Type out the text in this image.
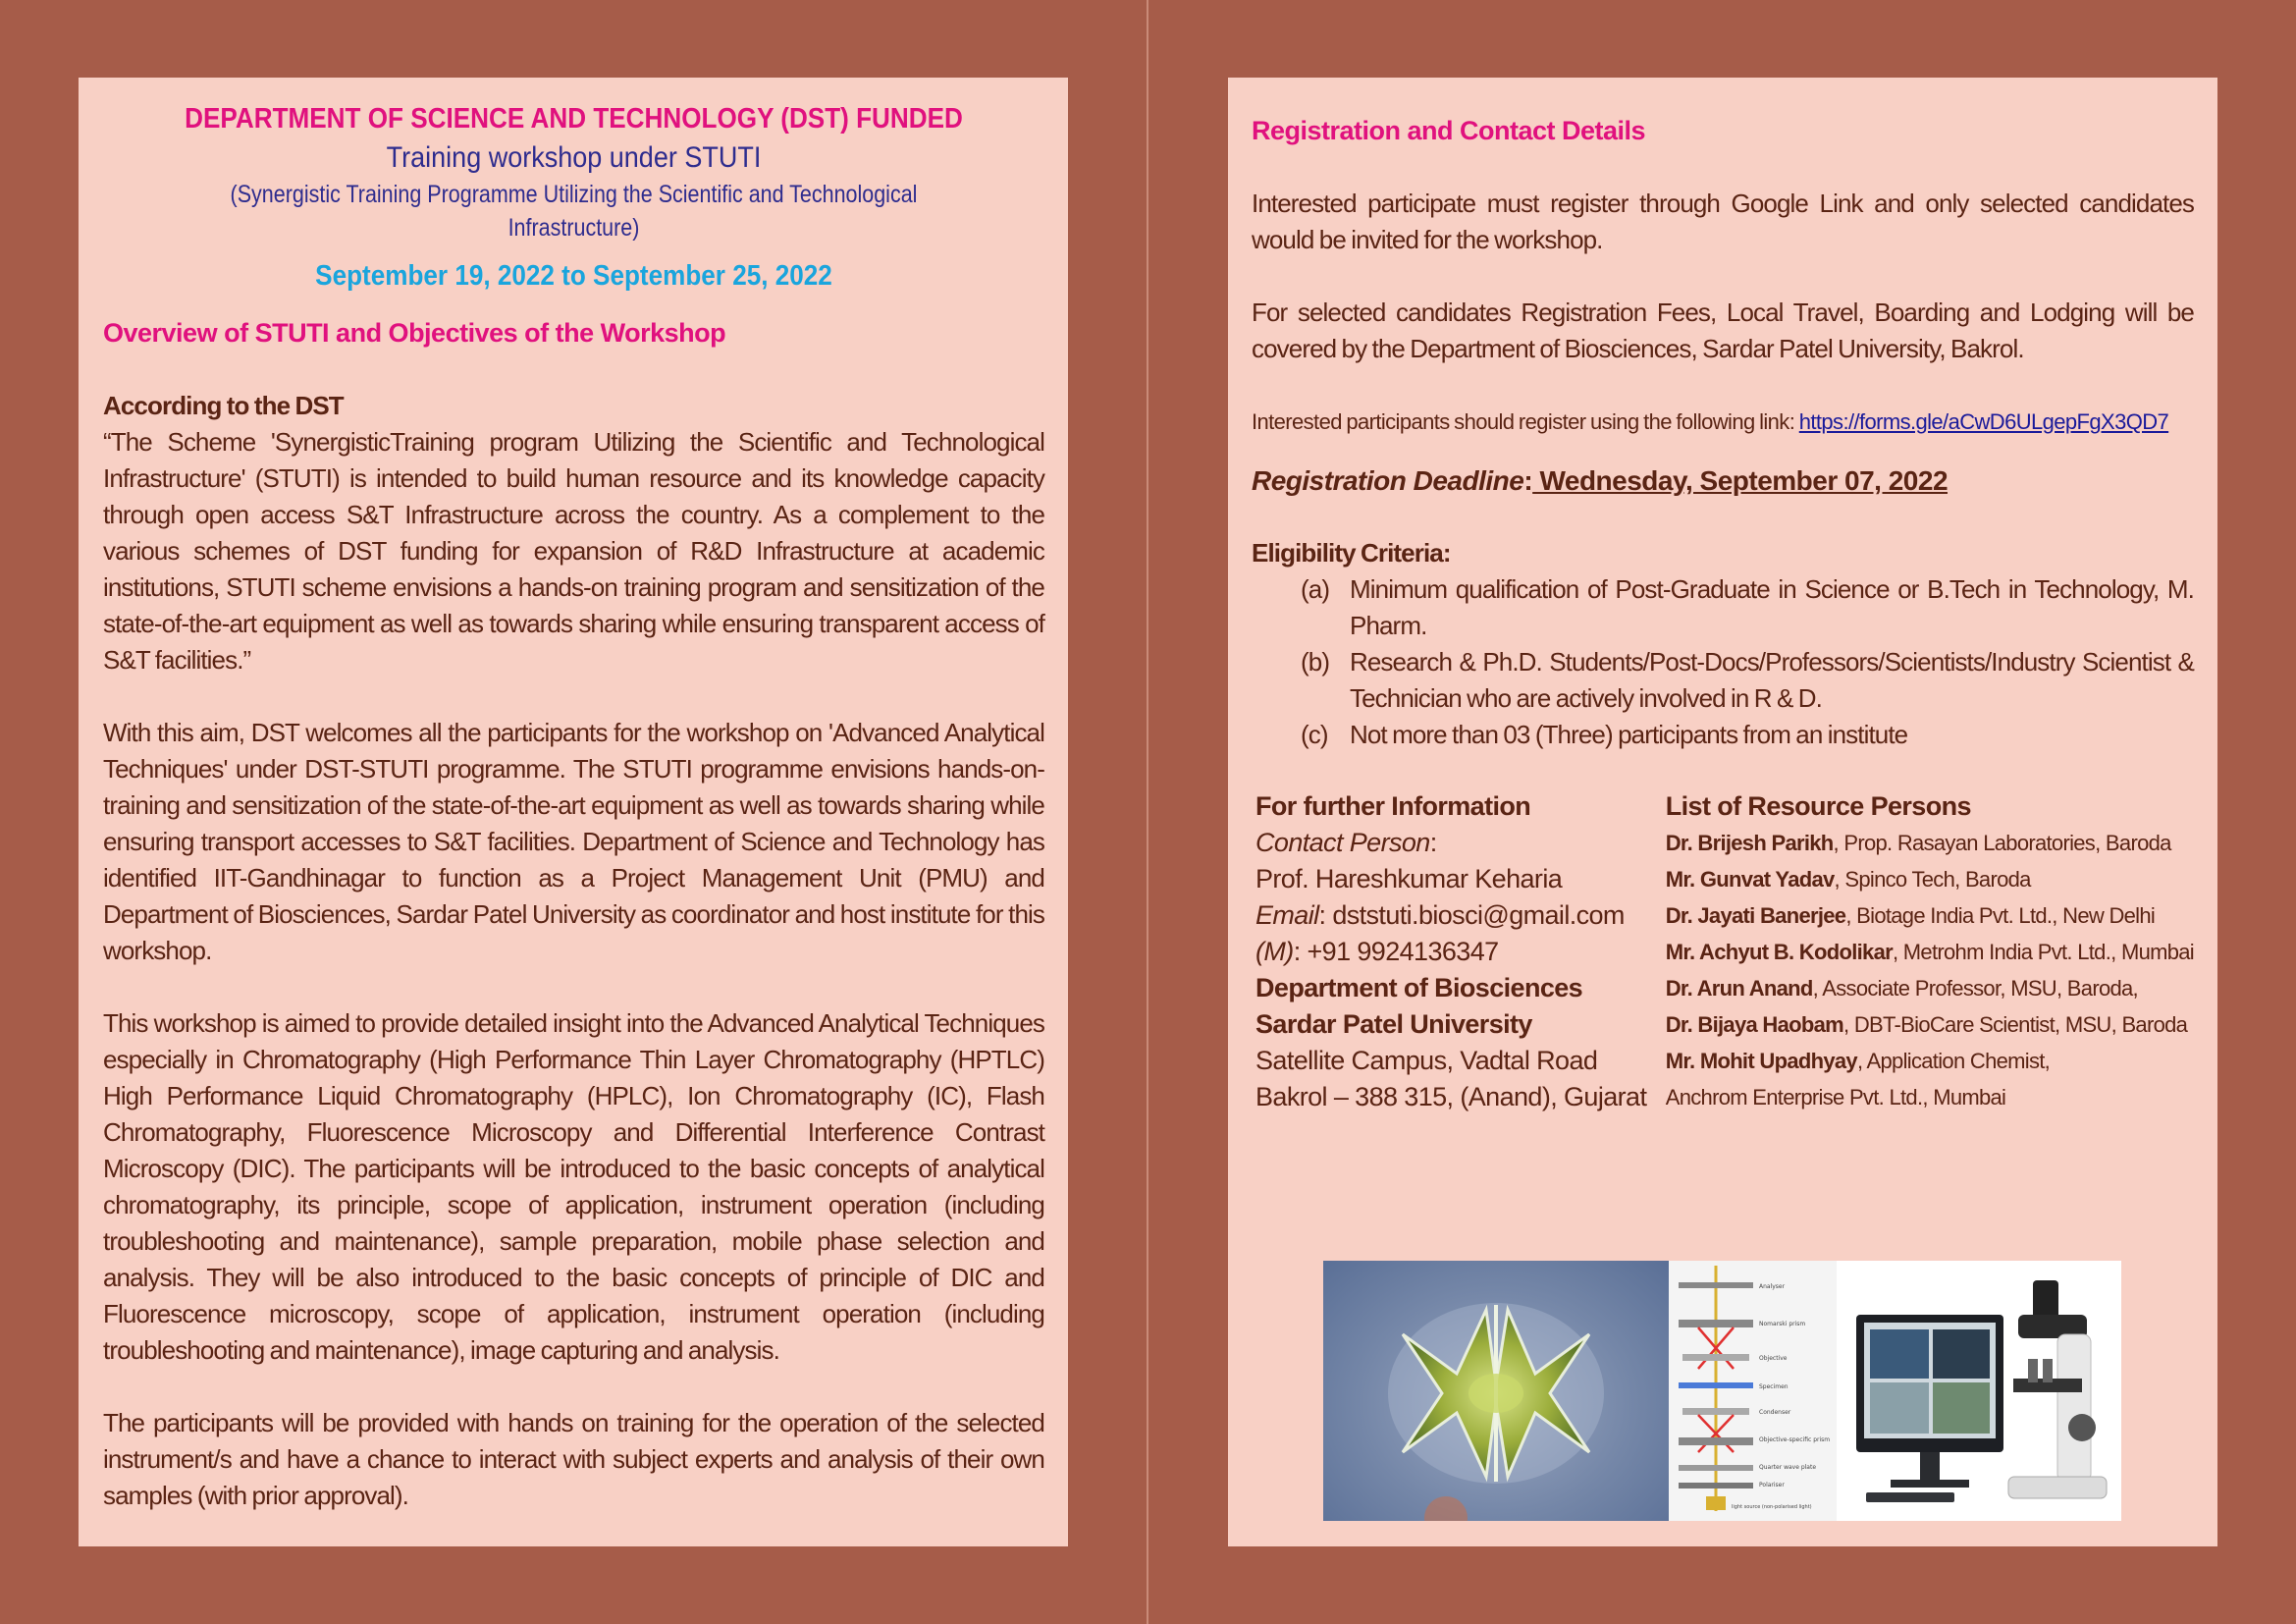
DEPARTMENT OF SCIENCE AND TECHNOLOGY (DST) FUNDED
Training workshop under STUTI
(Synergistic Training Programme Utilizing the Scientific and Technological Infrastructure)
September 19, 2022 to September 25, 2022
Overview of STUTI and Objectives of the Workshop
According to the DST
“The Scheme 'SynergisticTraining program Utilizing the Scientific and Technological Infrastructure' (STUTI) is intended to build human resource and its knowledge capacity through open access S&T Infrastructure across the country. As a complement to the various schemes of DST funding for expansion of R&D Infrastructure at academic institutions, STUTI scheme envisions a hands-on training program and sensitization of the state-of-the-art equipment as well as towards sharing while ensuring transparent access of S&T facilities.”
With this aim, DST welcomes all the participants for the workshop on 'Advanced Analytical Techniques' under DST-STUTI programme. The STUTI programme envisions hands-on-training and sensitization of the state-of-the-art equipment as well as towards sharing while ensuring transport accesses to S&T facilities. Department of Science and Technology has identified IIT-Gandhinagar to function as a Project Management Unit (PMU) and Department of Biosciences, Sardar Patel University as coordinator and host institute for this workshop.
This workshop is aimed to provide detailed insight into the Advanced Analytical Techniques especially in Chromatography (High Performance Thin Layer Chromatography (HPTLC) High Performance Liquid Chromatography (HPLC), Ion Chromatography (IC), Flash Chromatography, Fluorescence Microscopy and Differential Interference Contrast Microscopy (DIC). The participants will be introduced to the basic concepts of analytical chromatography, its principle, scope of application, instrument operation (including troubleshooting and maintenance), sample preparation, mobile phase selection and analysis. They will be also introduced to the basic concepts of principle of DIC and Fluorescence microscopy, scope of application, instrument operation (including troubleshooting and maintenance), image capturing and analysis.
The participants will be provided with hands on training for the operation of the selected instrument/s and have a chance to interact with subject experts and analysis of their own samples (with prior approval).
Registration and Contact Details
Interested participate must register through Google Link and only selected candidates would be invited for the workshop.
For selected candidates Registration Fees, Local Travel, Boarding and Lodging will be covered by the Department of Biosciences, Sardar Patel University, Bakrol.
Interested participants should register using the following link: https://forms.gle/aCwD6ULgepFgX3QD7
Registration Deadline: Wednesday, September 07, 2022
Eligibility Criteria:
(a) Minimum qualification of Post-Graduate in Science or B.Tech in Technology, M. Pharm.
(b) Research & Ph.D. Students/Post-Docs/Professors/Scientists/Industry Scientist & Technician who are actively involved in R & D.
(c) Not more than 03 (Three) participants from an institute
For further Information
Contact Person:
Prof. Hareshkumar Keharia
Email: dststuti.biosci@gmail.com
(M): +91 9924136347
Department of Biosciences
Sardar Patel University
Satellite Campus, Vadtal Road
Bakrol – 388 315, (Anand), Gujarat
List of Resource Persons
Dr. Brijesh Parikh, Prop. Rasayan Laboratories, Baroda
Mr. Gunvat Yadav, Spinco Tech, Baroda
Dr. Jayati Banerjee, Biotage India Pvt. Ltd., New Delhi
Mr. Achyut B. Kodolikar, Metrohm India Pvt. Ltd., Mumbai
Dr. Arun Anand, Associate Professor, MSU, Baroda,
Dr. Bijaya Haobam, DBT-BioCare Scientist, MSU, Baroda
Mr. Mohit Upadhyay, Application Chemist,
Anchrom Enterprise Pvt. Ltd., Mumbai
Analyser
Nomarski prism
Objective
Specimen
Condenser
Objective-specific prism
Quarter wave plate
Polariser
light source (non-polarised light)
